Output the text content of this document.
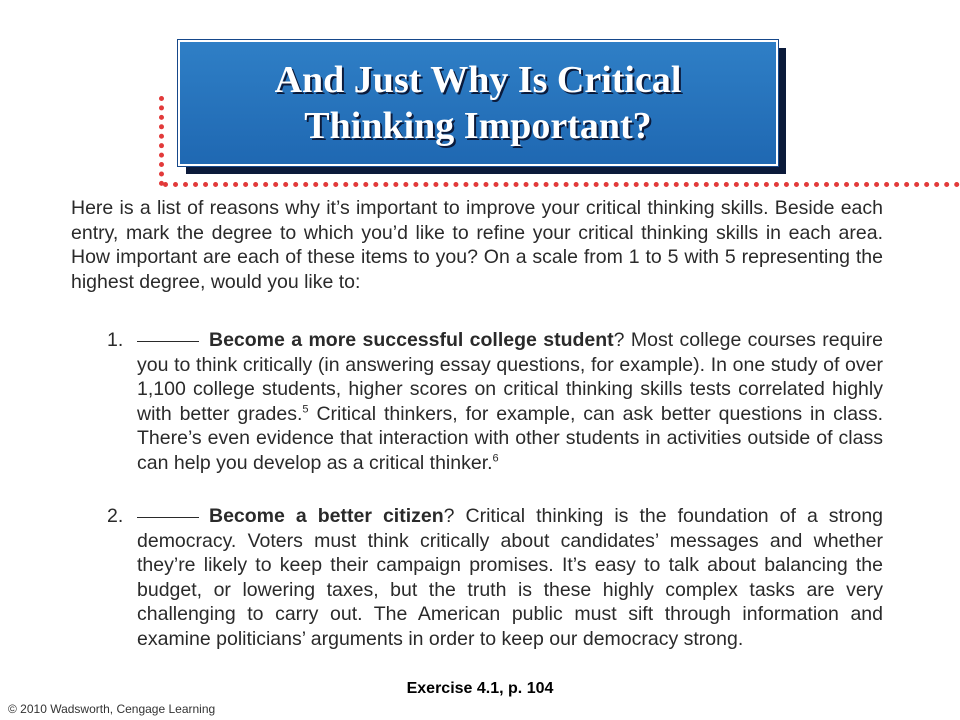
And Just Why Is Critical
Thinking Important?
Here is a list of reasons why it’s important to improve your critical thinking skills. Beside each entry, mark the degree to which you’d like to refine your critical thinking skills in each area. How important are each of these items to you? On a scale from 1 to 5 with 5 representing the highest degree, would you like to:
1.	Become a more successful college student? Most college courses require you to think critically (in answering essay questions, for example). In one study of over 1,100 college students, higher scores on critical thinking skills tests correlated highly with better grades.$^5$ Critical thinkers, for example, can ask better questions in class. There’s even evidence that interaction with other students in activities outside of class can help you develop as a critical thinker.$^6$
2.	Become a better citizen? Critical thinking is the foundation of a strong democracy. Voters must think critically about candidates’ messages and whether they’re likely to keep their campaign promises. It’s easy to talk about balancing the budget, or lowering taxes, but the truth is these highly complex tasks are very challenging to carry out. The American public must sift through information and examine politicians’ arguments in order to keep our democracy strong.
Exercise 4.1, p. 104
© 2010 Wadsworth, Cengage Learning
